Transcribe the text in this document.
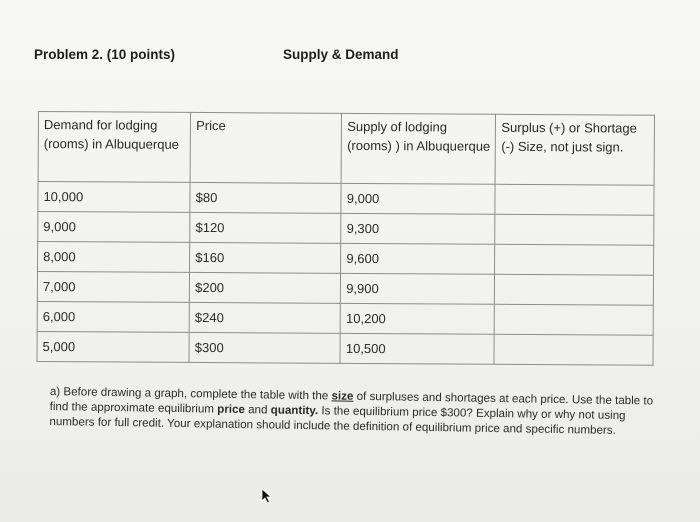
Problem 2. (10 points)	Supply & Demand
Demand for lodging (rooms) in Albuquerque	Price	Supply of lodging (rooms) ) in Albuquerque	Surplus (+) or Shortage (-) Size, not just sign.
10,000	$80	9,000	
9,000	$120	9,300	
8,000	$160	9,600	
7,000	$200	9,900	
6,000	$240	10,200	
5,000	$300	10,500	
a) Before drawing a graph, complete the table with the size of surpluses and shortages at each price. Use the table to find the approximate equilibrium price and quantity. Is the equilibrium price $300? Explain why or why not using numbers for full credit. Your explanation should include the definition of equilibrium price and specific numbers.
